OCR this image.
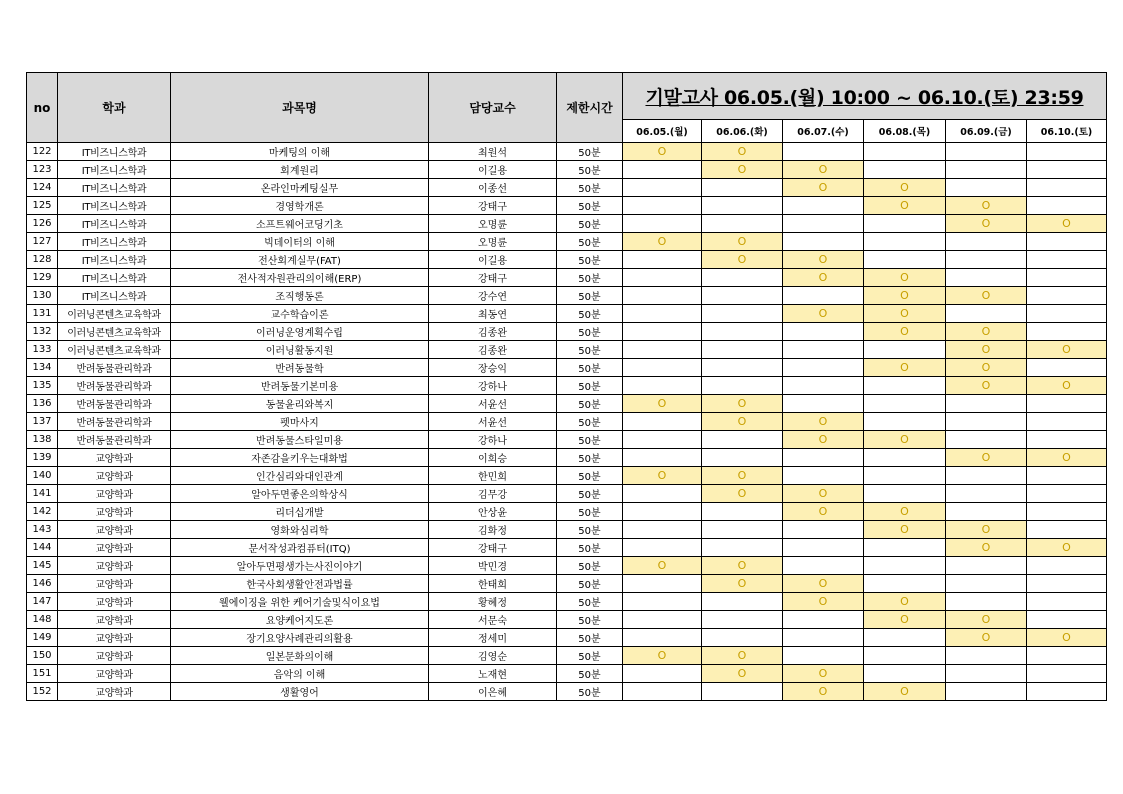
no	학과	과목명	담당교수	제한시간	기말고사 06.05.(월) 10:00 ~ 06.10.(토) 23:59					
					06.05.(월)	06.06.(화)	06.07.(수)	06.08.(목)	06.09.(금)	06.10.(토)
122	IT비즈니스학과	마케팅의 이해	최원석	50분	O	O				
123	IT비즈니스학과	회계원리	이길용	50분		O	O			
124	IT비즈니스학과	온라인마케팅실무	이종선	50분			O	O		
125	IT비즈니스학과	경영학개론	강태구	50분				O	O	
126	IT비즈니스학과	소프트웨어코딩기초	오명륜	50분					O	O
127	IT비즈니스학과	빅데이터의 이해	오명륜	50분	O	O				
128	IT비즈니스학과	전산회계실무(FAT)	이길용	50분		O	O			
129	IT비즈니스학과	전사적자원관리의이해(ERP)	강태구	50분			O	O		
130	IT비즈니스학과	조직행동론	강수연	50분				O	O	
131	이러닝콘텐츠교육학과	교수학습이론	최동연	50분			O	O		
132	이러닝콘텐츠교육학과	이러닝운영계획수립	김종완	50분				O	O	
133	이러닝콘텐츠교육학과	이러닝활동지원	김종완	50분					O	O
134	반려동물관리학과	반려동물학	장승익	50분				O	O	
135	반려동물관리학과	반려동물기본미용	강하나	50분					O	O
136	반려동물관리학과	동물윤리와복지	서윤선	50분	O	O				
137	반려동물관리학과	펫마사지	서윤선	50분		O	O			
138	반려동물관리학과	반려동물스타일미용	강하나	50분			O	O		
139	교양학과	자존감을키우는대화법	이희승	50분					O	O
140	교양학과	인간심리와대인관계	한민희	50분	O	O				
141	교양학과	알아두면좋은의학상식	김무강	50분		O	O			
142	교양학과	리더십개발	안상윤	50분			O	O		
143	교양학과	영화와심리학	김화정	50분				O	O	
144	교양학과	문서작성과컴퓨터(ITQ)	강태구	50분					O	O
145	교양학과	알아두면평생가는사진이야기	박민경	50분	O	O				
146	교양학과	한국사회생활안전과법률	한태희	50분		O	O			
147	교양학과	웰에이징을 위한 케어기술및식이요법	황혜정	50분			O	O		
148	교양학과	요양케어지도론	서문숙	50분				O	O	
149	교양학과	장기요양사례관리의활용	정세미	50분					O	O
150	교양학과	일본문화의이해	김영순	50분	O	O				
151	교양학과	음악의 이해	노재현	50분		O	O			
152	교양학과	생활영어	이은혜	50분			O	O		
